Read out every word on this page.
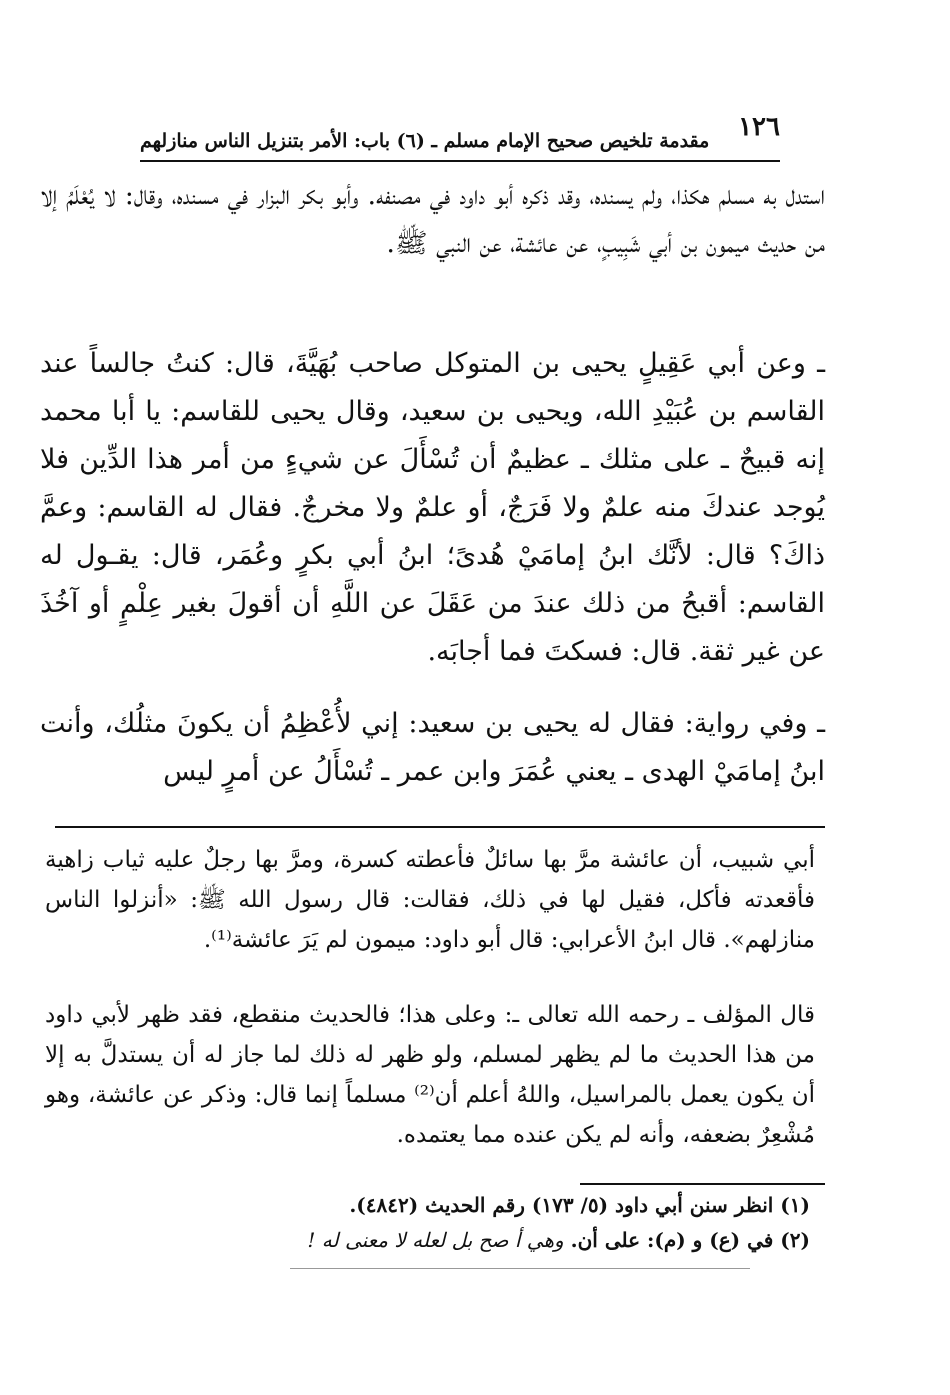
١٢٦
مقدمة تلخيص صحيح الإمام مسلم ـ (٦) باب: الأمر بتنزيل الناس منازلهم

استدل به مسلم هكذا، ولم يسنده، وقد ذكره أبو داود في مصنفه. وأبو بكر البزار في مسنده، وقال: لا يُعْلَمُ إلا من حديث ميمون بن أبي شَبِيبٍ، عن عائشة، عن النبي ﷺ.

ـ وعن أبي عَقِيلٍ يحيى بن المتوكل صاحب بُهَيَّةَ، قال: كنتُ جالساً عند القاسم بن عُبَيْدِ الله، ويحيى بن سعيد، وقال يحيى للقاسم: يا أبا محمد إنه قبيحٌ ـ على مثلك ـ عظيمٌ أن تُسْأَلَ عن شيءٍ من أمر هذا الدِّين فلا يُوجد عندكَ منه علمٌ ولا فَرَجٌ، أو علمٌ ولا مخرجٌ. فقال له القاسم: وعمَّ ذاكَ؟ قال: لأنَّك ابنُ إمامَيْ هُدىً؛ ابنُ أبي بكرٍ وعُمَر، قال: يقـول له القاسم: أقبحُ من ذلك عندَ من عَقَلَ عن اللَّهِ أن أقولَ بغير عِلْمٍ أو آخُذَ عن غير ثقة. قال: فسكتَ فما أجابَه.

ـ وفي رواية: فقال له يحيى بن سعيد: إني لأُعْظِمُ أن يكونَ مثلُك، وأنت ابنُ إمامَيْ الهدى ـ يعني عُمَرَ وابن عمر ـ تُسْأَلُ عن أمرٍ ليس

أبي شبيب، أن عائشة مرَّ بها سائلٌ فأعطته كسرة، ومرَّ بها رجلٌ عليه ثياب زاهية فأقعدته فأكل، فقيل لها في ذلك، فقالت: قال رسول الله ﷺ: «أنزلوا الناس منازلهم». قال ابنُ الأعرابي: قال أبو داود: ميمون لم يَرَ عائشة⁽¹⁾.

قال المؤلف ـ رحمه الله تعالى ـ: وعلى هذا؛ فالحديث منقطع، فقد ظهر لأبي داود من هذا الحديث ما لم يظهر لمسلم، ولو ظهر له ذلك لما جاز له أن يستدلَّ به إلا أن يكون يعمل بالمراسيل، واللهُ أعلم أن⁽²⁾ مسلماً إنما قال: وذكر عن عائشة، وهو مُشْعِرٌ بضعفه، وأنه لم يكن عنده مما يعتمده.

(١) انظر سنن أبي داود (٥/ ١٧٣) رقم الحديث (٤٨٤٢).
(٢) في (ع) و (م): على أن. وهي أ صح بل لعله لا معنى له !
